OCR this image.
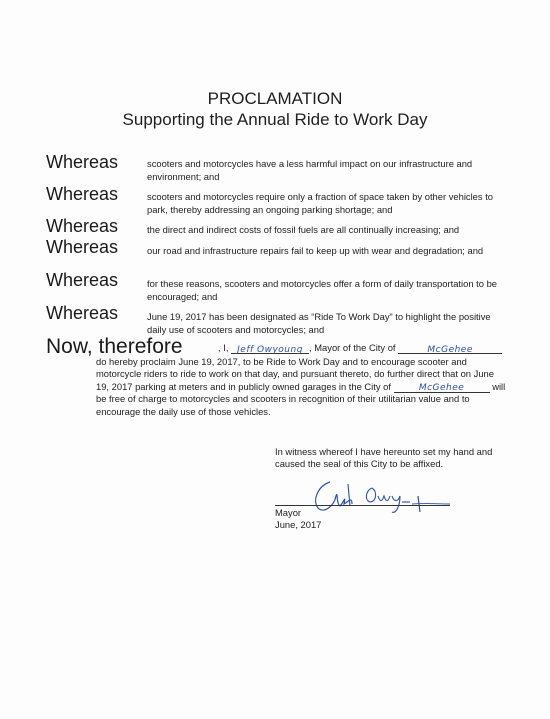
PROCLAMATION
Supporting the Annual Ride to Work Day
Whereas	scooters and motorcycles have a less harmful impact on our infrastructure and environment; and
Whereas	scooters and motorcycles require only a fraction of space taken by other vehicles to park, thereby addressing an ongoing parking shortage; and
Whereas	the direct and indirect costs of fossil fuels are all continually increasing; and
Whereas	our road and infrastructure repairs fail to keep up with wear and degradation; and
Whereas	for these reasons, scooters and motorcycles offer a form of daily transportation to be encouraged; and
Whereas	June 19, 2017 has been designated as “Ride To Work Day” to highlight the positive daily use of scooters and motorcycles; and
Now, therefore	, I, Jeff Owyoung , Mayor of the City of	McGehee
do hereby proclaim June 19, 2017, to be Ride to Work Day and to encourage scooter and motorcycle riders to ride to work on that day, and pursuant thereto, do further direct that on June 19, 2017 parking at meters and in publicly owned garages in the City of	McGehee	will be free of charge to motorcycles and scooters in recognition of their utilitarian value and to encourage the daily use of those vehicles.
In witness whereof I have hereunto set my hand and caused the seal of this City to be affixed.
Mayor
June, 2017
